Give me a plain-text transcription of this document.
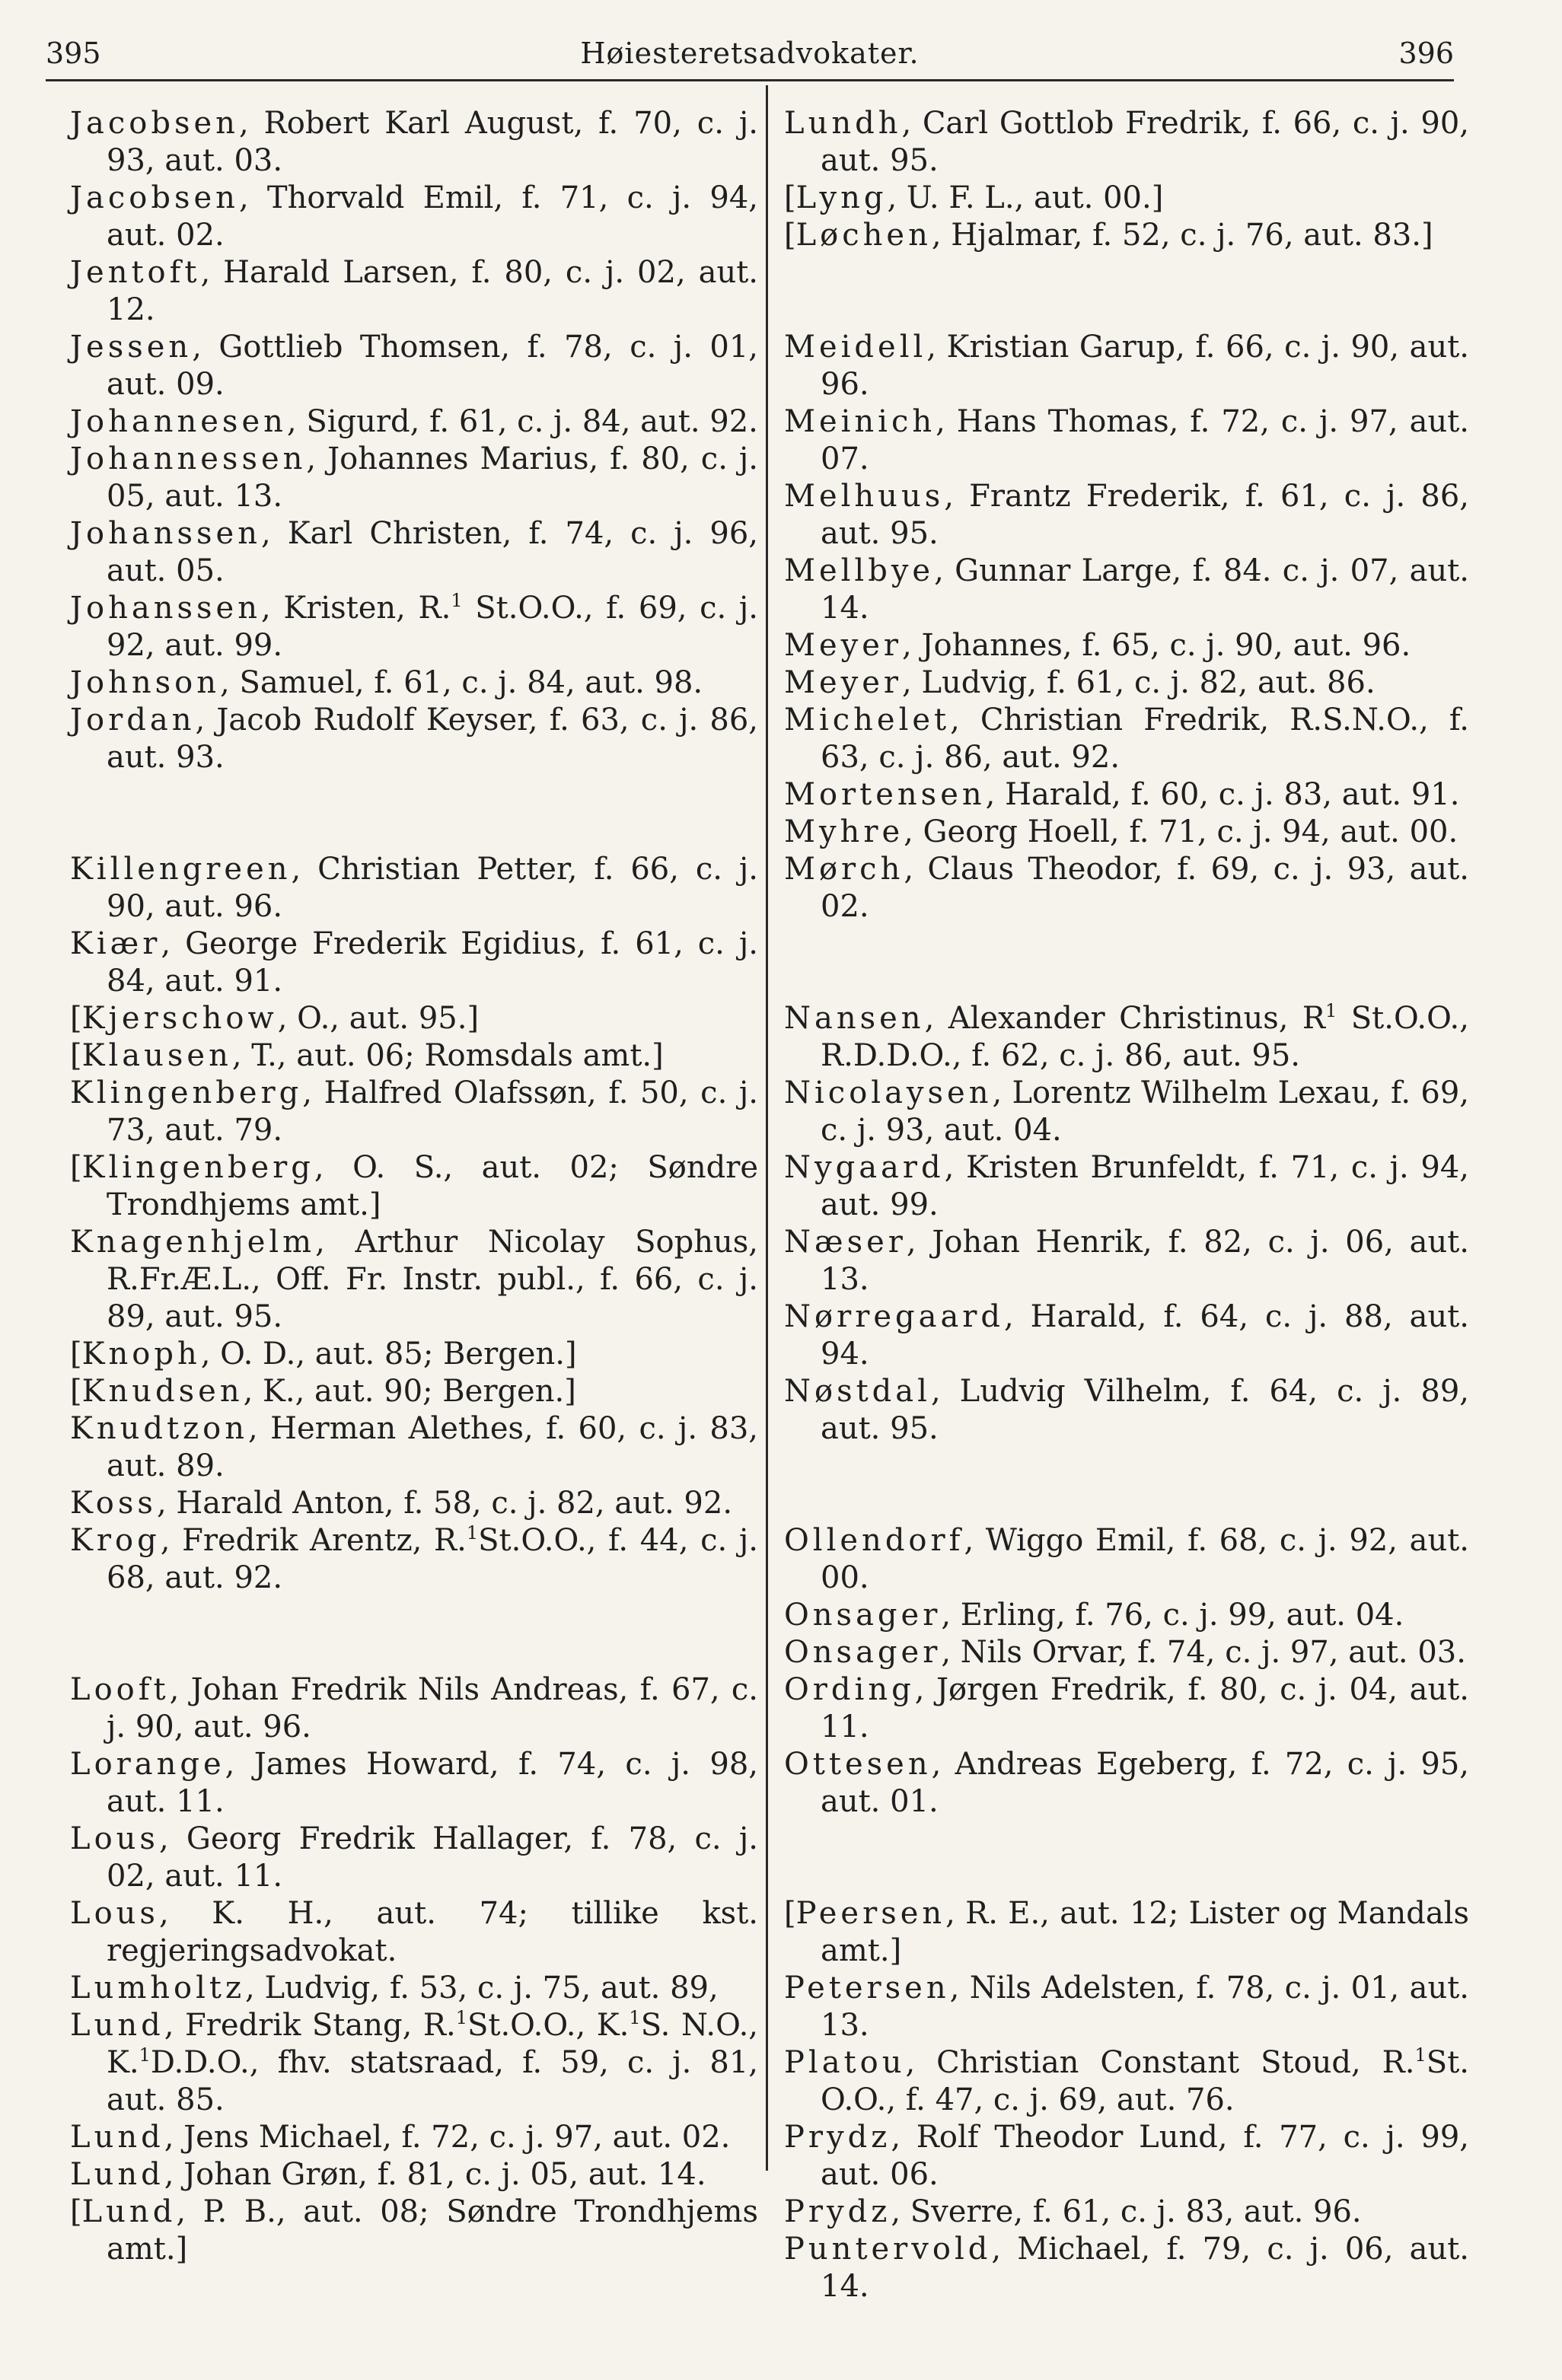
395	Høiesteretsadvokater.	396
Jacobsen, Robert Karl August, f. 70, c. j. 93, aut. 03.
Jacobsen, Thorvald Emil, f. 71, c. j. 94, aut. 02.
Jentoft, Harald Larsen, f. 80, c. j. 02, aut. 12.
Jessen, Gottlieb Thomsen, f. 78, c. j. 01, aut. 09.
Johannesen, Sigurd, f. 61, c. j. 84, aut. 92.
Johannessen, Johannes Marius, f. 80, c. j. 05, aut. 13.
Johanssen, Karl Christen, f. 74, c. j. 96, aut. 05.
Johanssen, Kristen, R.$^1$ St.O.O., f. 69, c. j. 92, aut. 99.
Johnson, Samuel, f. 61, c. j. 84, aut. 98.
Jordan, Jacob Rudolf Keyser, f. 63, c. j. 86, aut. 93.
Killengreen, Christian Petter, f. 66, c. j. 90, aut. 96.
Kiær, George Frederik Egidius, f. 61, c. j. 84, aut. 91.
[Kjerschow, O., aut. 95.]
[Klausen, T., aut. 06; Romsdals amt.]
Klingenberg, Halfred Olafssøn, f. 50, c. j. 73, aut. 79.
[Klingenberg, O. S., aut. 02; Søndre Trondhjems amt.]
Knagenhjelm, Arthur Nicolay Sophus, R.Fr.Æ.L., Off. Fr. Instr. publ., f. 66, c. j. 89, aut. 95.
[Knoph, O. D., aut. 85; Bergen.]
[Knudsen, K., aut. 90; Bergen.]
Knudtzon, Herman Alethes, f. 60, c. j. 83, aut. 89.
Koss, Harald Anton, f. 58, c. j. 82, aut. 92.
Krog, Fredrik Arentz, R.$^1$St.O.O., f. 44, c. j. 68, aut. 92.
Looft, Johan Fredrik Nils Andreas, f. 67, c. j. 90, aut. 96.
Lorange, James Howard, f. 74, c. j. 98, aut. 11.
Lous, Georg Fredrik Hallager, f. 78, c. j. 02, aut. 11.
Lous, K. H., aut. 74; tillike kst. regjeringsadvokat.
Lumholtz, Ludvig, f. 53, c. j. 75, aut. 89,
Lund, Fredrik Stang, R.$^1$St.O.O., K.$^1$S. N.O., K.$^1$D.D.O., fhv. statsraad, f. 59, c. j. 81, aut. 85.
Lund, Jens Michael, f. 72, c. j. 97, aut. 02.
Lund, Johan Grøn, f. 81, c. j. 05, aut. 14.
[Lund, P. B., aut. 08; Søndre Trondhjems amt.]
Lundh, Carl Gottlob Fredrik, f. 66, c. j. 90, aut. 95.
[Lyng, U. F. L., aut. 00.]
[Løchen, Hjalmar, f. 52, c. j. 76, aut. 83.]
Meidell, Kristian Garup, f. 66, c. j. 90, aut. 96.
Meinich, Hans Thomas, f. 72, c. j. 97, aut. 07.
Melhuus, Frantz Frederik, f. 61, c. j. 86, aut. 95.
Mellbye, Gunnar Large, f. 84. c. j. 07, aut. 14.
Meyer, Johannes, f. 65, c. j. 90, aut. 96.
Meyer, Ludvig, f. 61, c. j. 82, aut. 86.
Michelet, Christian Fredrik, R.S.N.O., f. 63, c. j. 86, aut. 92.
Mortensen, Harald, f. 60, c. j. 83, aut. 91.
Myhre, Georg Hoell, f. 71, c. j. 94, aut. 00.
Mørch, Claus Theodor, f. 69, c. j. 93, aut. 02.
Nansen, Alexander Christinus, $R^1$ St.O.O., R.D.D.O., f. 62, c. j. 86, aut. 95.
Nicolaysen, Lorentz Wilhelm Lexau, f. 69, c. j. 93, aut. 04.
Nygaard, Kristen Brunfeldt, f. 71, c. j. 94, aut. 99.
Næser, Johan Henrik, f. 82, c. j. 06, aut. 13.
Nørregaard, Harald, f. 64, c. j. 88, aut. 94.
Nøstdal, Ludvig Vilhelm, f. 64, c. j. 89, aut. 95.
Ollendorf, Wiggo Emil, f. 68, c. j. 92, aut. 00.
Onsager, Erling, f. 76, c. j. 99, aut. 04.
Onsager, Nils Orvar, f. 74, c. j. 97, aut. 03.
Ording, Jørgen Fredrik, f. 80, c. j. 04, aut. 11.
Ottesen, Andreas Egeberg, f. 72, c. j. 95, aut. 01.
[Peersen, R. E., aut. 12; Lister og Mandals amt.]
Petersen, Nils Adelsten, f. 78, c. j. 01, aut. 13.
Platou, Christian Constant Stoud, R.$^1$St. O.O., f. 47, c. j. 69, aut. 76.
Prydz, Rolf Theodor Lund, f. 77, c. j. 99, aut. 06.
Prydz, Sverre, f. 61, c. j. 83, aut. 96.
Puntervold, Michael, f. 79, c. j. 06, aut. 14.
